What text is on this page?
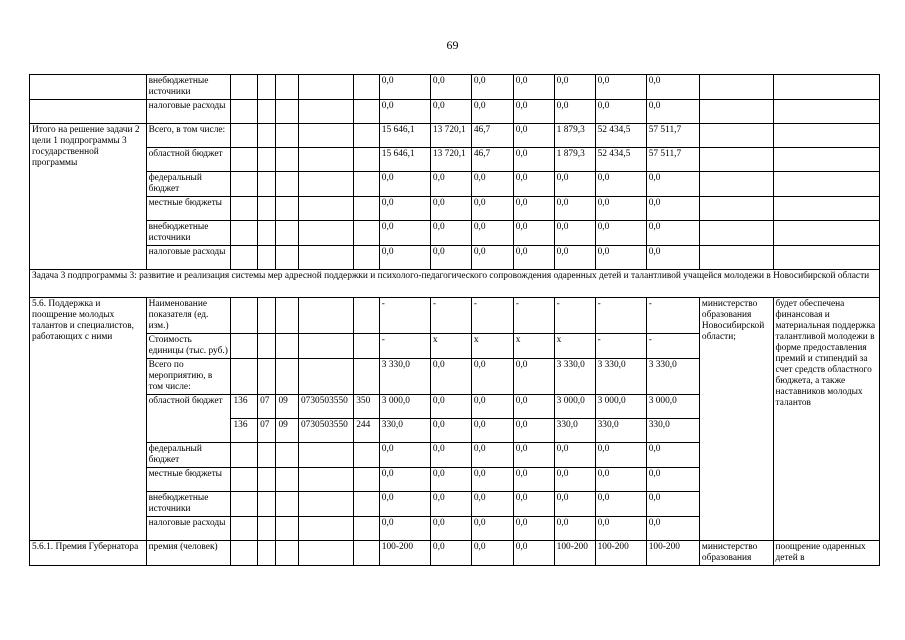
69
	внебюджетные источники						0,0	0,0	0,0	0,0	0,0	0,0	0,0		
	налоговые расходы						0,0	0,0	0,0	0,0	0,0	0,0	0,0		
Итого на решение задачи 2 цели 1 подпрограммы 3 государственной программы	Всего, в том числе:						15 646,1	13 720,1	46,7	0,0	1 879,3	52 434,5	57 511,7		
	областной бюджет						15 646,1	13 720,1	46,7	0,0	1 879,3	52 434,5	57 511,7		
	федеральный бюджет						0,0	0,0	0,0	0,0	0,0	0,0	0,0		
	местные бюджеты						0,0	0,0	0,0	0,0	0,0	0,0	0,0		
	внебюджетные источники						0,0	0,0	0,0	0,0	0,0	0,0	0,0		
	налоговые расходы						0,0	0,0	0,0	0,0	0,0	0,0	0,0		
Задача 3 подпрограммы 3: развитие и реализация системы мер адресной поддержки и психолого-педагогического сопровождения одаренных детей и талантливой учащейся молодежи в Новосибирской области															
5.6. Поддержка и поощрение молодых талантов и специалистов, работающих с ними	Наименование показателя (ед. изм.)						-	-	-	-	-	-	-	министерство образования Новосибирской области;	будет обеспечена финансовая и материальная поддержка талантливой молодежи в форме предоставления премий и стипендий за счет средств областного бюджета, а также наставников молодых талантов
	Стоимость единицы (тыс. руб.)						-	x	x	x	x	-	-		
	Всего по мероприятию, в том числе:						3 330,0	0,0	0,0	0,0	3 330,0	3 330,0	3 330,0		
	областной бюджет	136	07	09	0730503550	350	3 000,0	0,0	0,0	0,0	3 000,0	3 000,0	3 000,0		
		136	07	09	0730503550	244	330,0	0,0	0,0	0,0	330,0	330,0	330,0		
	федеральный бюджет						0,0	0,0	0,0	0,0	0,0	0,0	0,0		
	местные бюджеты						0,0	0,0	0,0	0,0	0,0	0,0	0,0		
	внебюджетные источники						0,0	0,0	0,0	0,0	0,0	0,0	0,0		
	налоговые расходы						0,0	0,0	0,0	0,0	0,0	0,0	0,0		
5.6.1. Премия Губернатора	премия (человек)						100-200	0,0	0,0	0,0	100-200	100-200	100-200	министерство образования	поощрение одаренных детей в
